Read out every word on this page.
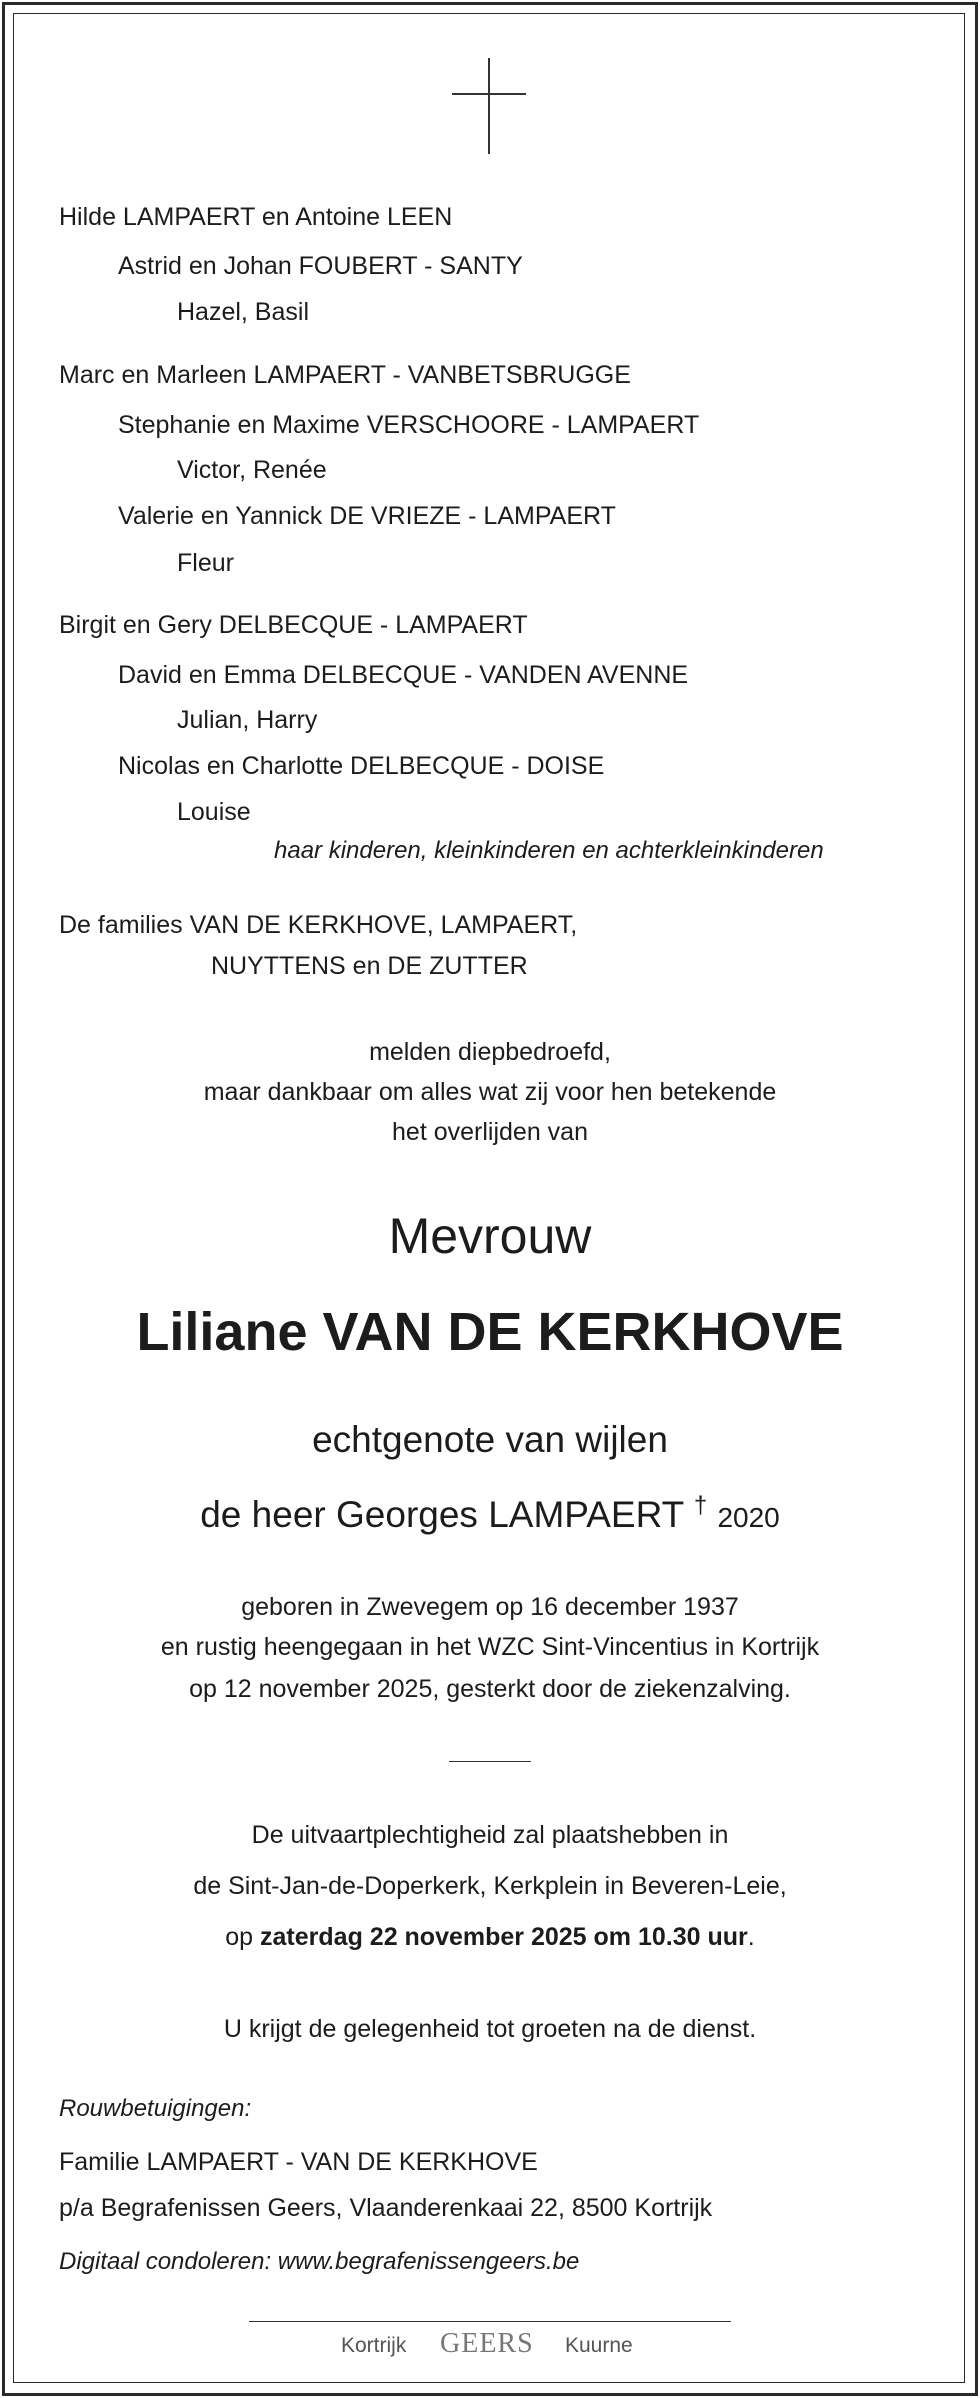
Hilde LAMPAERT en Antoine LEEN
Astrid en Johan FOUBERT - SANTY
Hazel, Basil
Marc en Marleen LAMPAERT - VANBETSBRUGGE
Stephanie en Maxime VERSCHOORE - LAMPAERT
Victor, Renée
Valerie en Yannick DE VRIEZE - LAMPAERT
Fleur
Birgit en Gery DELBECQUE - LAMPAERT
David en Emma DELBECQUE - VANDEN AVENNE
Julian, Harry
Nicolas en Charlotte DELBECQUE - DOISE
Louise
haar kinderen, kleinkinderen en achterkleinkinderen
De families VAN DE KERKHOVE, LAMPAERT,
NUYTTENS en DE ZUTTER
melden diepbedroefd,
maar dankbaar om alles wat zij voor hen betekende
het overlijden van
Mevrouw
Liliane VAN DE KERKHOVE
echtgenote van wijlen
de heer Georges LAMPAERT † 2020
geboren in Zwevegem op 16 december 1937
en rustig heengegaan in het WZC Sint-Vincentius in Kortrijk
op 12 november 2025, gesterkt door de ziekenzalving.
De uitvaartplechtigheid zal plaatshebben in
de Sint-Jan-de-Doperkerk, Kerkplein in Beveren-Leie,
op zaterdag 22 november 2025 om 10.30 uur.
U krijgt de gelegenheid tot groeten na de dienst.
Rouwbetuigingen:
Familie LAMPAERT - VAN DE KERKHOVE
p/a Begrafenissen Geers, Vlaanderenkaai 22, 8500 Kortrijk
Digitaal condoleren: www.begrafenissengeers.be
Kortrijk GEERS Kuurne
